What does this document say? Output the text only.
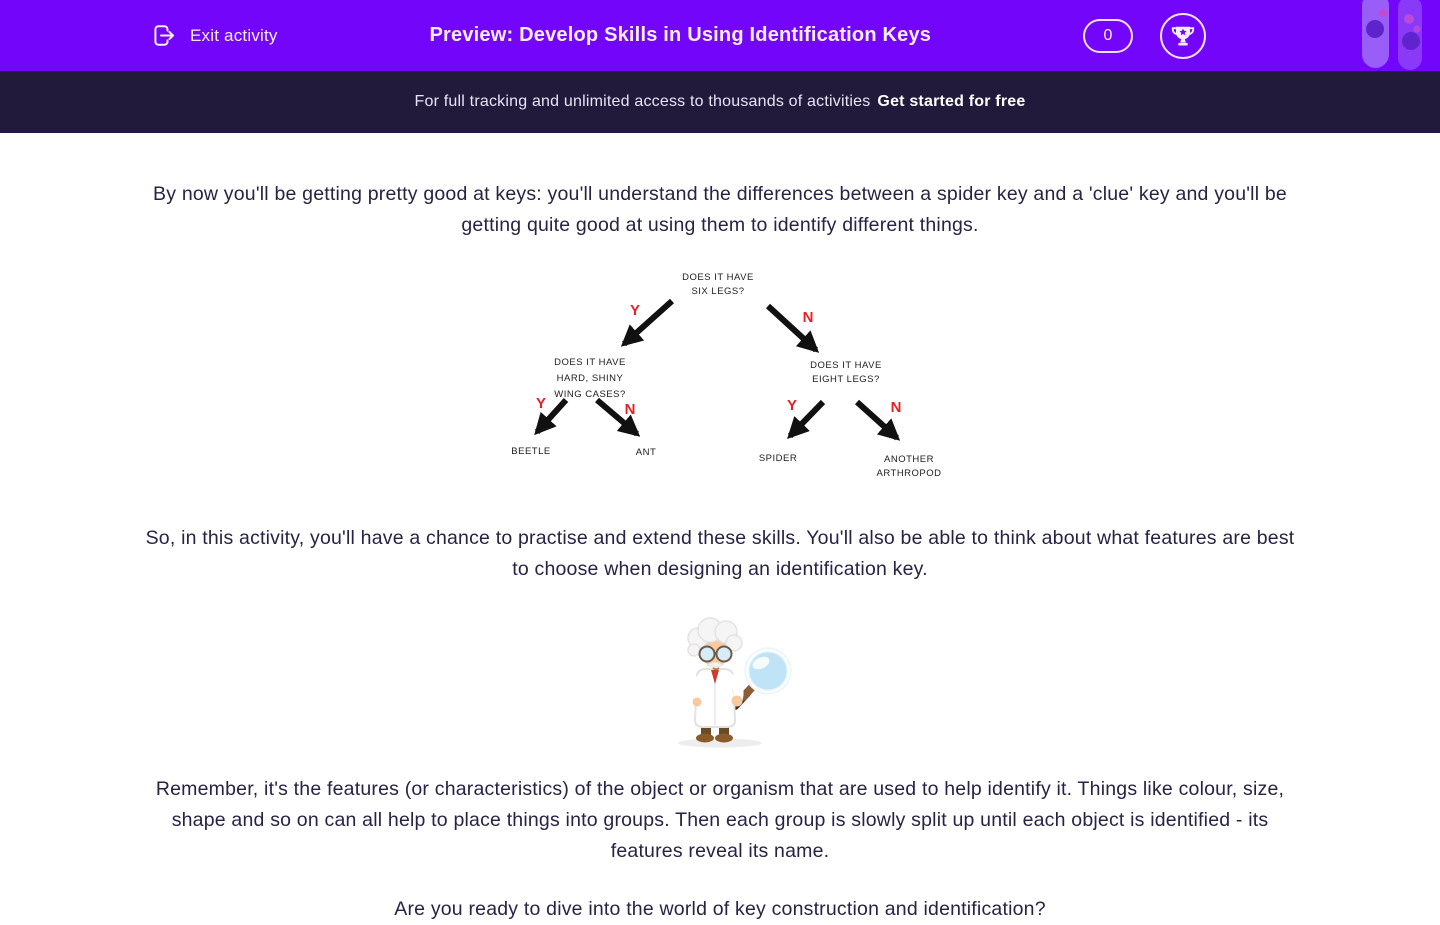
Exit activity	Preview: Develop Skills in Using Identification Keys	0
For full tracking and unlimited access to thousands of activities Get started for free

By now you'll be getting pretty good at keys: you'll understand the differences between a spider key and a 'clue' key and you'll be getting quite good at using them to identify different things.

DOES IT HAVE
SIX LEGS?
Y	N
DOES IT HAVE
HARD, SHINY
WING CASES?
DOES IT HAVE
EIGHT LEGS?
Y	N
BEETLE	ANT
Y	N
SPIDER	ANOTHER
ARTHROPOD

So, in this activity, you'll have a chance to practise and extend these skills. You'll also be able to think about what features are best to choose when designing an identification key.

Remember, it's the features (or characteristics) of the object or organism that are used to help identify it. Things like colour, size, shape and so on can all help to place things into groups. Then each group is slowly split up until each object is identified - its features reveal its name.

Are you ready to dive into the world of key construction and identification?
